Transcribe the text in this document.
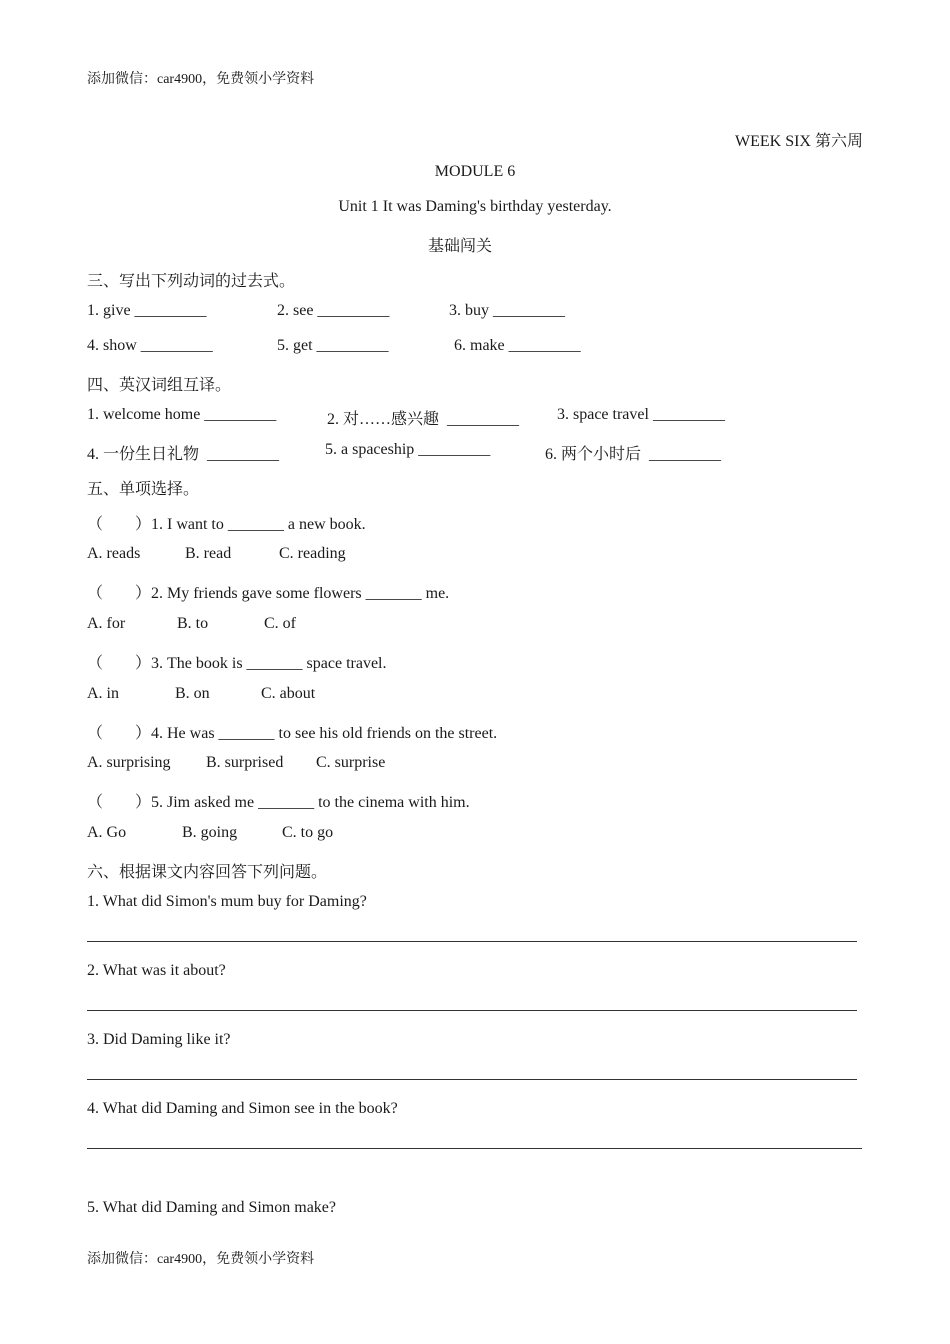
添加微信：car4900，免费领小学资料
WEEK SIX 第六周
MODULE 6
Unit 1 It was Daming's birthday yesterday.
基础闯关
三、写出下列动词的过去式。
1. give _________	2. see _________	3. buy _________
4. show _________	5. get _________	6. make _________
四、英汉词组互译。
1. welcome home _________	2. 对……感兴趣  _________ 3. space travel _________
4. 一份生日礼物  _________	5. a spaceship _________	6. 两个小时后  _________
五、单项选择。
（        ）1. I want to _______ a new book.
A. reads	B. read	C. reading
（        ）2. My friends gave some flowers _______ me.
A. for	B. to	C. of
（        ）3. The book is _______ space travel.
A. in	B. on	C. about
（        ）4. He was _______ to see his old friends on the street.
A. surprising B. surprised C. surprise
（        ）5. Jim asked me _______ to the cinema with him.
A. Go	B. going	C. to go
六、根据课文内容回答下列问题。
1. What did Simon's mum buy for Daming?
2. What was it about?
3. Did Daming like it?
4. What did Daming and Simon see in the book?
5. What did Daming and Simon make?
添加微信：car4900，免费领小学资料
